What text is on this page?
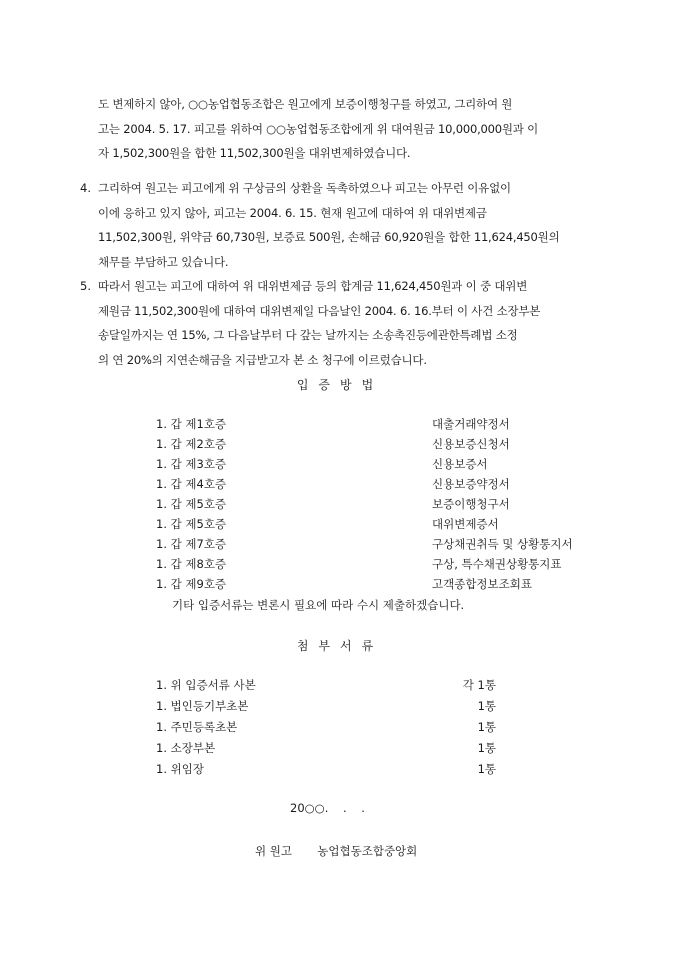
도 변제하지 않아, ○○농업협동조합은 원고에게 보증이행청구를 하였고, 그리하여 원

고는 2004. 5. 17. 피고를 위하여 ○○농업협동조합에게 위 대여원금 10,000,000원과 이

자 1,502,300원을 합한 11,502,300원을 대위변제하였습니다.

4. 그리하여 원고는 피고에게 위 구상금의 상환을 독촉하였으나 피고는 아무런 이유없이
이에 응하고 있지 않아, 피고는 2004. 6. 15. 현재 원고에 대하여 위 대위변제금
11,502,300원, 위약금 60,730원, 보증료 500원, 손해금 60,920원을 합한 11,624,450원의
채무를 부담하고 있습니다.
5. 따라서 원고는 피고에 대하여 위 대위변제금 등의 합계금 11,624,450원과 이 중 대위변
제원금 11,502,300원에 대하여 대위변제일 다음날인 2004. 6. 16.부터 이 사건 소장부본
송달일까지는 연 15%, 그 다음날부터 다 갚는 날까지는 소송촉진등에관한특례법 소정
의 연 20%의 지연손해금을 지급받고자 본 소 청구에 이르렀습니다.
입증방법
1. 갑 제1호증	대출거래약정서
1. 갑 제2호증	신용보증신청서
1. 갑 제3호증	신용보증서
1. 갑 제4호증	신용보증약정서
1. 갑 제5호증	보증이행청구서
1. 갑 제5호증	대위변제증서
1. 갑 제7호증	구상채권취득 및 상황통지서
1. 갑 제8호증	구상, 특수채권상황통지표
1. 갑 제9호증	고객종합정보조회표
기타 입증서류는 변론시 필요에 따라 수시 제출하겠습니다.
첨부서류
1. 위 입증서류 사본	각 1통
1. 법인등기부초본	1통
1. 주민등록초본	1통
1. 소장부본	1통
1. 위임장	1통
20○○.    .    .
위 원고 농업협동조합중앙회
